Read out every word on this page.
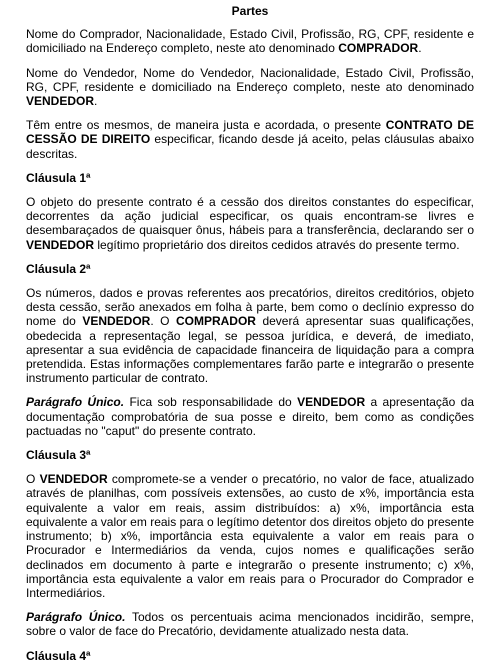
Partes

Nome do Comprador, Nacionalidade, Estado Civil, Profissão, RG, CPF, residente e domiciliado na Endereço completo, neste ato denominado COMPRADOR.

Nome do Vendedor, Nome do Vendedor, Nacionalidade, Estado Civil, Profissão, RG, CPF, residente e domiciliado na Endereço completo, neste ato denominado VENDEDOR.

Têm entre os mesmos, de maneira justa e acordada, o presente CONTRATO DE CESSÃO DE DIREITO especificar, ficando desde já aceito, pelas cláusulas abaixo descritas.

Cláusula 1ª

O objeto do presente contrato é a cessão dos direitos constantes do especificar, decorrentes da ação judicial especificar, os quais encontram-se livres e desembaraçados de quaisquer ônus, hábeis para a transferência, declarando ser o VENDEDOR legítimo proprietário dos direitos cedidos através do presente termo.

Cláusula 2ª

Os números, dados e provas referentes aos precatórios, direitos creditórios, objeto desta cessão, serão anexados em folha à parte, bem como o declínio expresso do nome do VENDEDOR. O COMPRADOR deverá apresentar suas qualificações, obedecida a representação legal, se pessoa jurídica, e deverá, de imediato, apresentar a sua evidência de capacidade financeira de liquidação para a compra pretendida. Estas informações complementares farão parte e integrarão o presente instrumento particular de contrato.

Parágrafo Único. Fica sob responsabilidade do VENDEDOR a apresentação da documentação comprobatória de sua posse e direito, bem como as condições pactuadas no "caput" do presente contrato.

Cláusula 3ª

O VENDEDOR compromete-se a vender o precatório, no valor de face, atualizado através de planilhas, com possíveis extensões, ao custo de x%, importância esta equivalente a valor em reais, assim distribuídos: a) x%, importância esta equivalente a valor em reais para o legítimo detentor dos direitos objeto do presente instrumento; b) x%, importância esta equivalente a valor em reais para o Procurador e Intermediários da venda, cujos nomes e qualificações serão declinados em documento à parte e integrarão o presente instrumento; c) x%, importância esta equivalente a valor em reais para o Procurador do Comprador e Intermediários.

Parágrafo Único. Todos os percentuais acima mencionados incidirão, sempre, sobre o valor de face do Precatório, devidamente atualizado nesta data.

Cláusula 4ª
